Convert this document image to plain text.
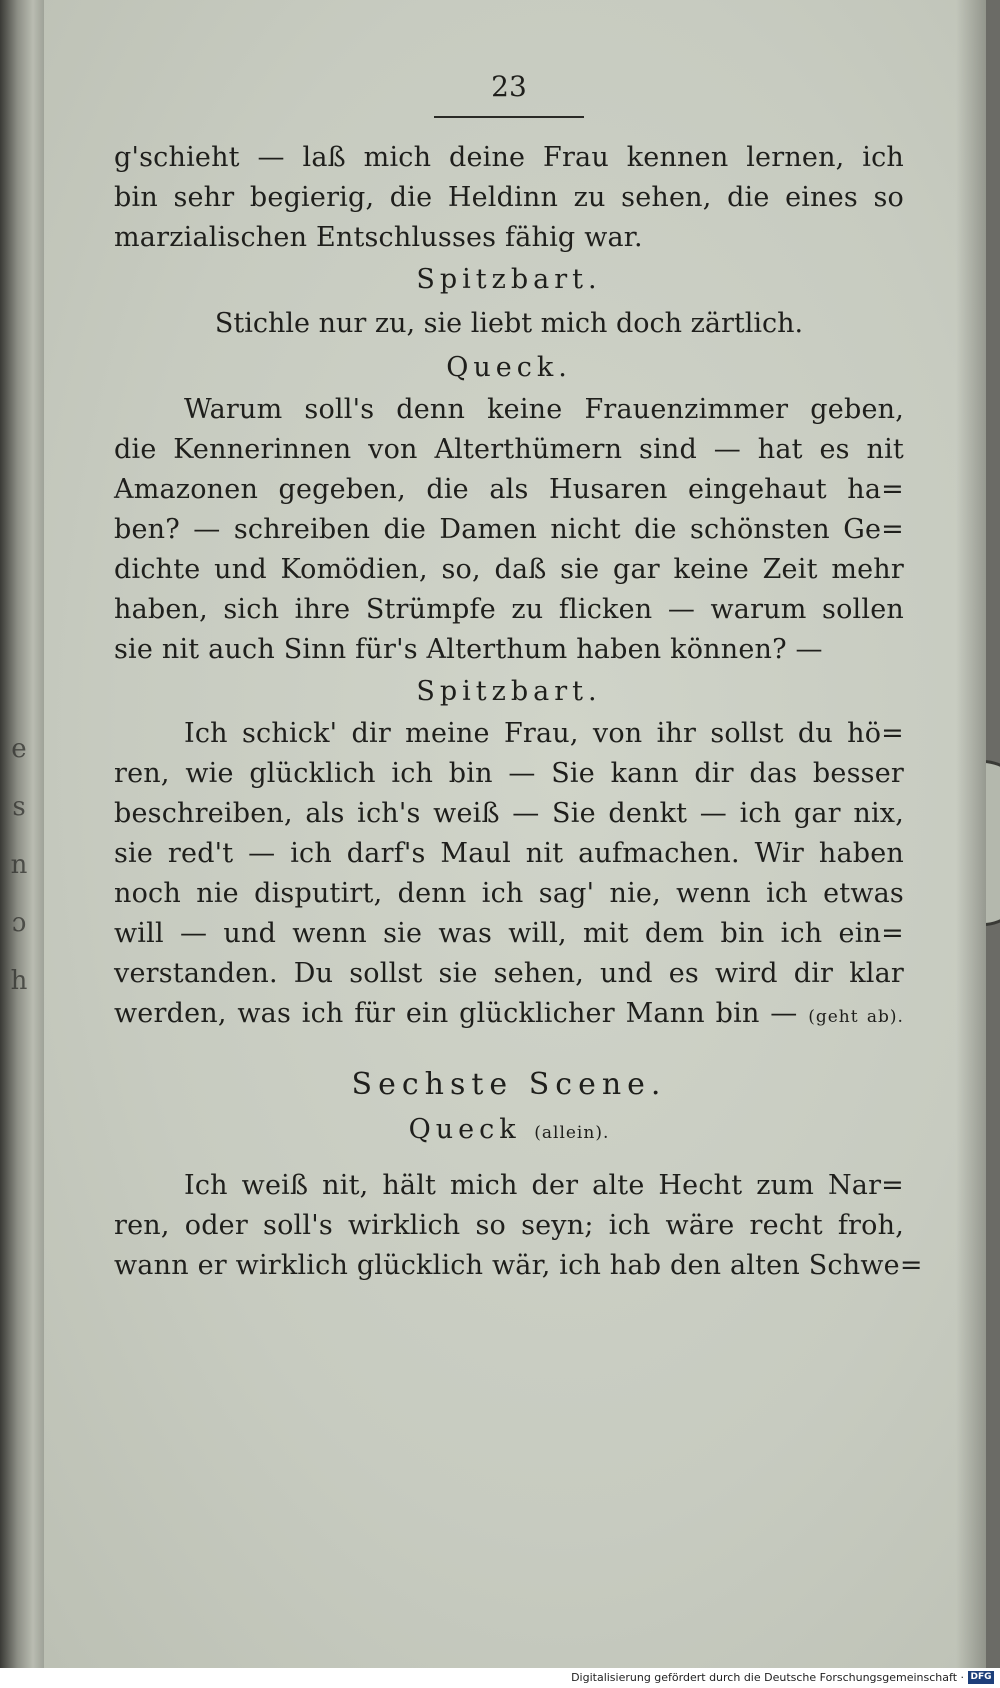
e
s
n
ɔ
h
23
g'schieht — laß mich deine Frau kennen lernen, ich
bin sehr begierig, die Heldinn zu sehen, die eines so
marzialischen Entschlusses fähig war.
Spitzbart.
Stichle nur zu, sie liebt mich doch zärtlich.
Queck.
Warum soll's denn keine Frauenzimmer geben,
die Kennerinnen von Alterthümern sind — hat es nit
Amazonen gegeben, die als Husaren eingehaut ha=
ben? — schreiben die Damen nicht die schönsten Ge=
dichte und Komödien, so, daß sie gar keine Zeit mehr
haben, sich ihre Strümpfe zu flicken — warum sollen
sie nit auch Sinn für's Alterthum haben können? —
Spitzbart.
Ich schick' dir meine Frau, von ihr sollst du hö=
ren, wie glücklich ich bin — Sie kann dir das besser
beschreiben, als ich's weiß — Sie denkt — ich gar nix,
sie red't — ich darf's Maul nit aufmachen. Wir haben
noch nie disputirt, denn ich sag' nie, wenn ich etwas
will — und wenn sie was will, mit dem bin ich ein=
verstanden. Du sollst sie sehen, und es wird dir klar
werden, was ich für ein glücklicher Mann bin — (geht ab).
Sechste Scene.
Queck (allein).
Ich weiß nit, hält mich der alte Hecht zum Nar=
ren, oder soll's wirklich so seyn; ich wäre recht froh,
wann er wirklich glücklich wär, ich hab den alten Schwe=
Digitalisierung gefördert durch die Deutsche Forschungsgemeinschaft · DFG
